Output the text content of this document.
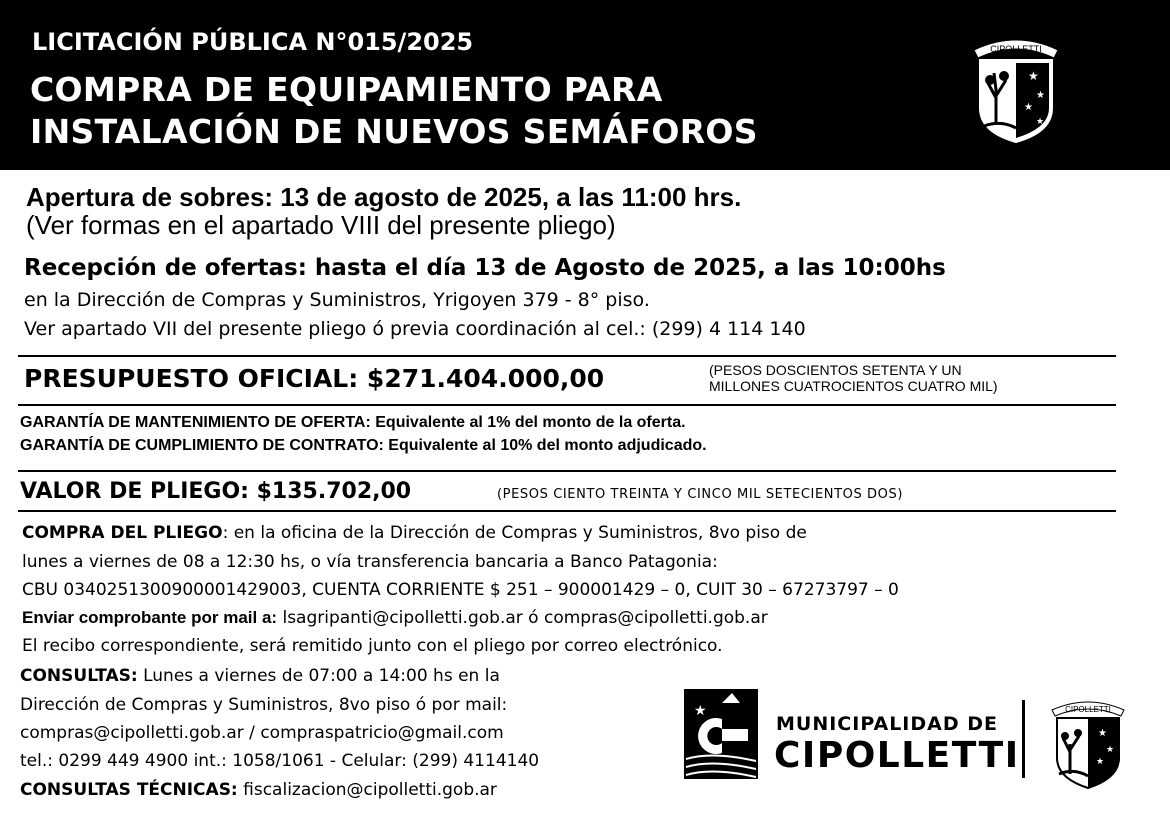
LICITACIÓN PÚBLICA N°015/2025
COMPRA DE EQUIPAMIENTO PARA
INSTALACIÓN DE NUEVOS SEMÁFOROS
CIPOLLETTI
★
★
★
★
Apertura de sobres: 13 de agosto de 2025, a las 11:00 hrs.
(Ver formas en el apartado VIII del presente pliego)
Recepción de ofertas: hasta el día 13 de Agosto de 2025, a las 10:00hs
en la Dirección de Compras y Suministros, Yrigoyen 379 - 8° piso.
Ver apartado VII del presente pliego ó previa coordinación al cel.: (299) 4 114 140
PRESUPUESTO OFICIAL: $271.404.000,00	(PESOS DOSCIENTOS SETENTA Y UN
MILLONES CUATROCIENTOS CUATRO MIL)
GARANTÍA DE MANTENIMIENTO DE OFERTA: Equivalente al 1% del monto de la oferta.
GARANTÍA DE CUMPLIMIENTO DE CONTRATO: Equivalente al 10% del monto adjudicado.
VALOR DE PLIEGO: $135.702,00	(PESOS CIENTO TREINTA Y CINCO MIL SETECIENTOS DOS)
COMPRA DEL PLIEGO: en la oficina de la Dirección de Compras y Suministros, 8vo piso de
lunes a viernes de 08 a 12:30 hs, o vía transferencia bancaria a Banco Patagonia:
CBU 0340251300900001429003, CUENTA CORRIENTE $ 251 – 900001429 – 0, CUIT 30 – 67273797 – 0
Enviar comprobante por mail a: lsagripanti@cipolletti.gob.ar ó compras@cipolletti.gob.ar
El recibo correspondiente, será remitido junto con el pliego por correo electrónico.
CONSULTAS: Lunes a viernes de 07:00 a 14:00 hs en la
Dirección de Compras y Suministros, 8vo piso ó por mail:
compras@cipolletti.gob.ar / compraspatricio@gmail.com
tel.: 0299 449 4900 int.: 1058/1061 - Celular: (299) 4114140
CONSULTAS TÉCNICAS: fiscalizacion@cipolletti.gob.ar
★
MUNICIPALIDAD DE
CIPOLLETTI
CIPOLLETTI
★
★
★
